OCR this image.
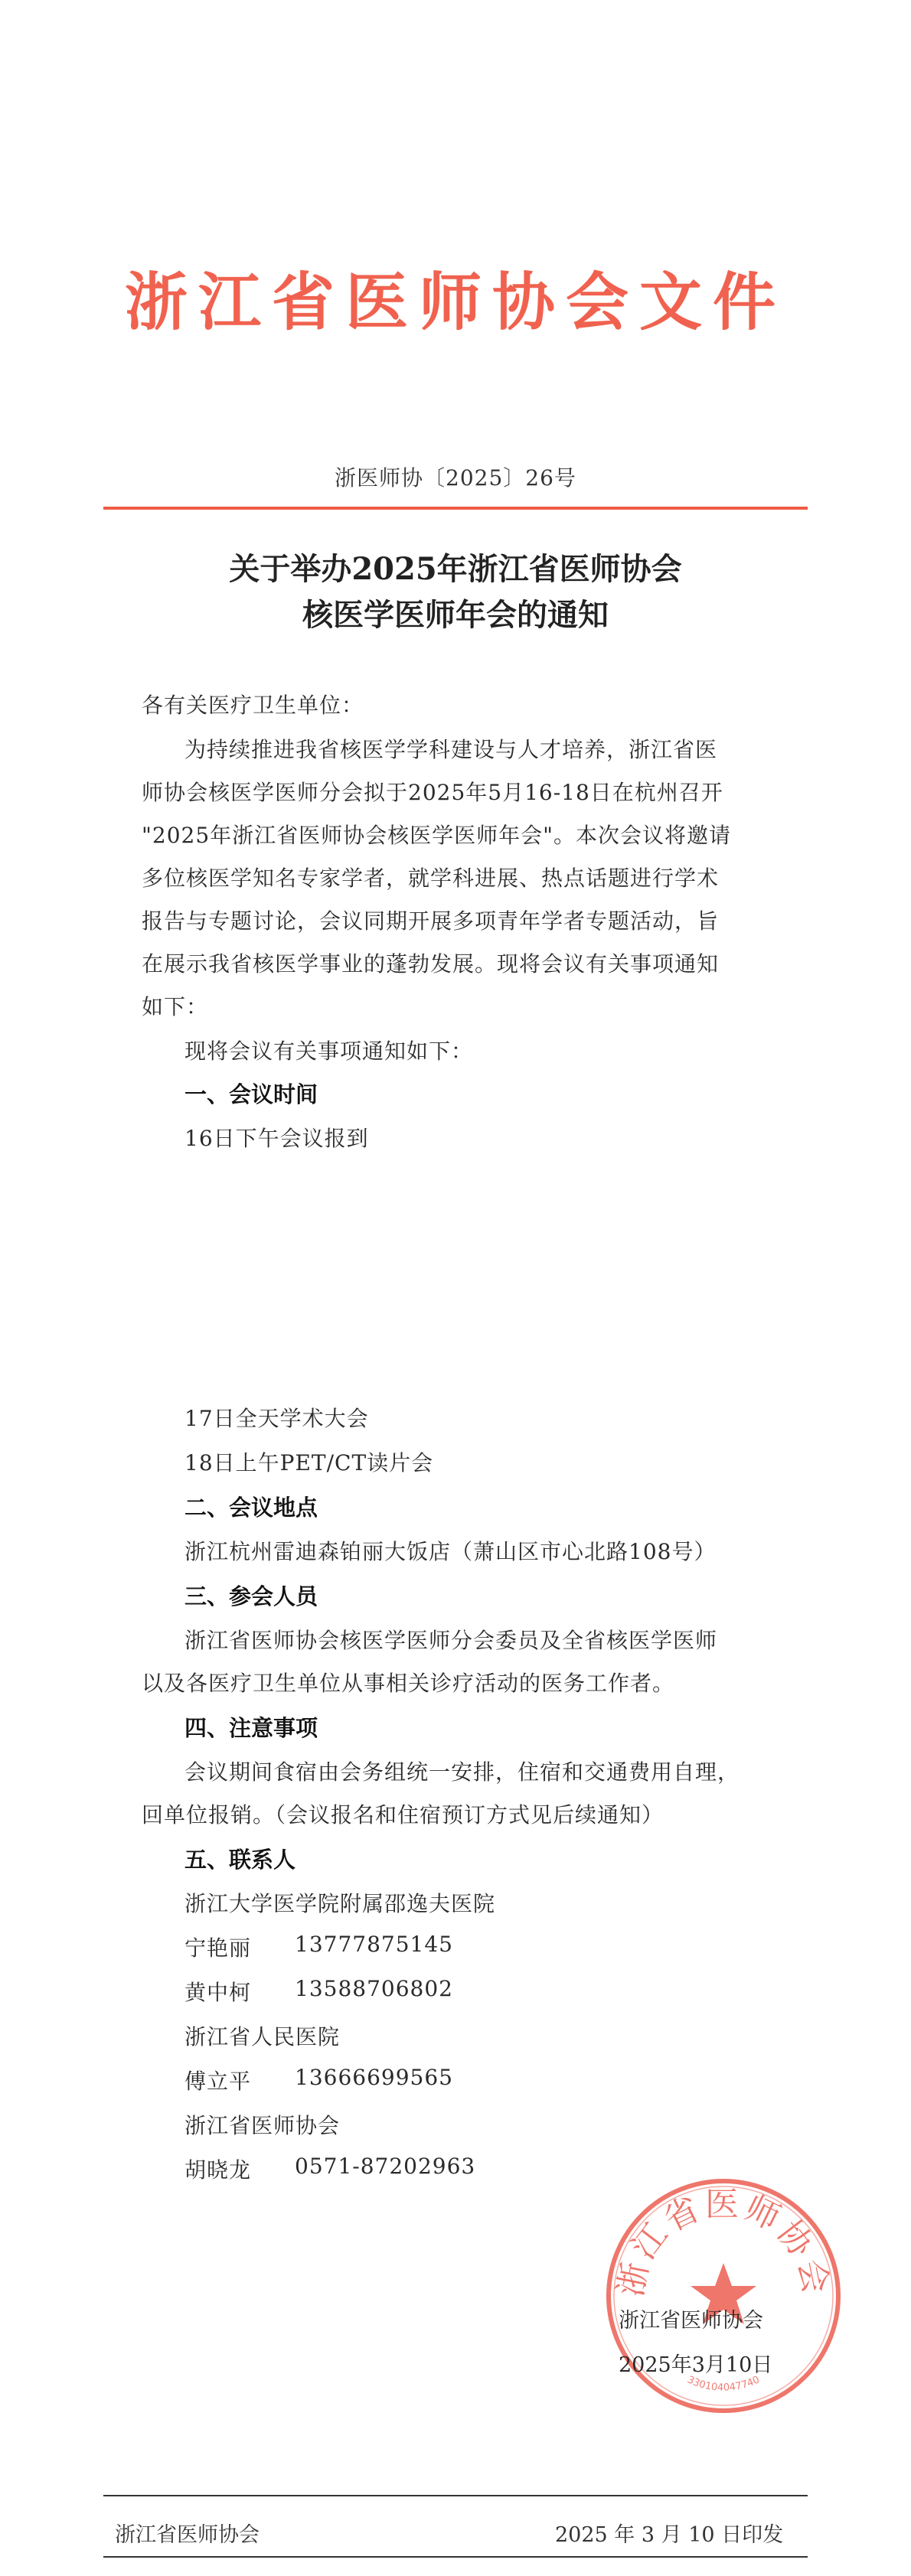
浙江省医师协会文件
浙医师协〔2025〕26号
关于举办2025年浙江省医师协会
核医学医师年会的通知
各有关医疗卫生单位：
为持续推进我省核医学学科建设与人才培养，浙江省医
师协会核医学医师分会拟于2025年5月16-18日在杭州召开
"2025年浙江省医师协会核医学医师年会"。本次会议将邀请
多位核医学知名专家学者，就学科进展、热点话题进行学术
报告与专题讨论，会议同期开展多项青年学者专题活动，旨
在展示我省核医学事业的蓬勃发展。现将会议有关事项通知
如下：
现将会议有关事项通知如下：
一、会议时间
16日下午会议报到
17日全天学术大会
18日上午PET/CT读片会
二、会议地点
浙江杭州雷迪森铂丽大饭店（萧山区市心北路108号）
三、参会人员
浙江省医师协会核医学医师分会委员及全省核医学医师
以及各医疗卫生单位从事相关诊疗活动的医务工作者。
四、注意事项
会议期间食宿由会务组统一安排，住宿和交通费用自理，
回单位报销。（会议报名和住宿预订方式见后续通知）
五、联系人
浙江大学医学院附属邵逸夫医院
宁艳丽 13777875145
黄中柯 13588706802
浙江省人民医院
傅立平 13666699565
浙江省医师协会
胡晓龙 0571-87202963
浙江省医师协会
330104047740
浙江省医师协会
2025年3月10日
浙江省医师协会	2025 年 3 月 10 日印发
